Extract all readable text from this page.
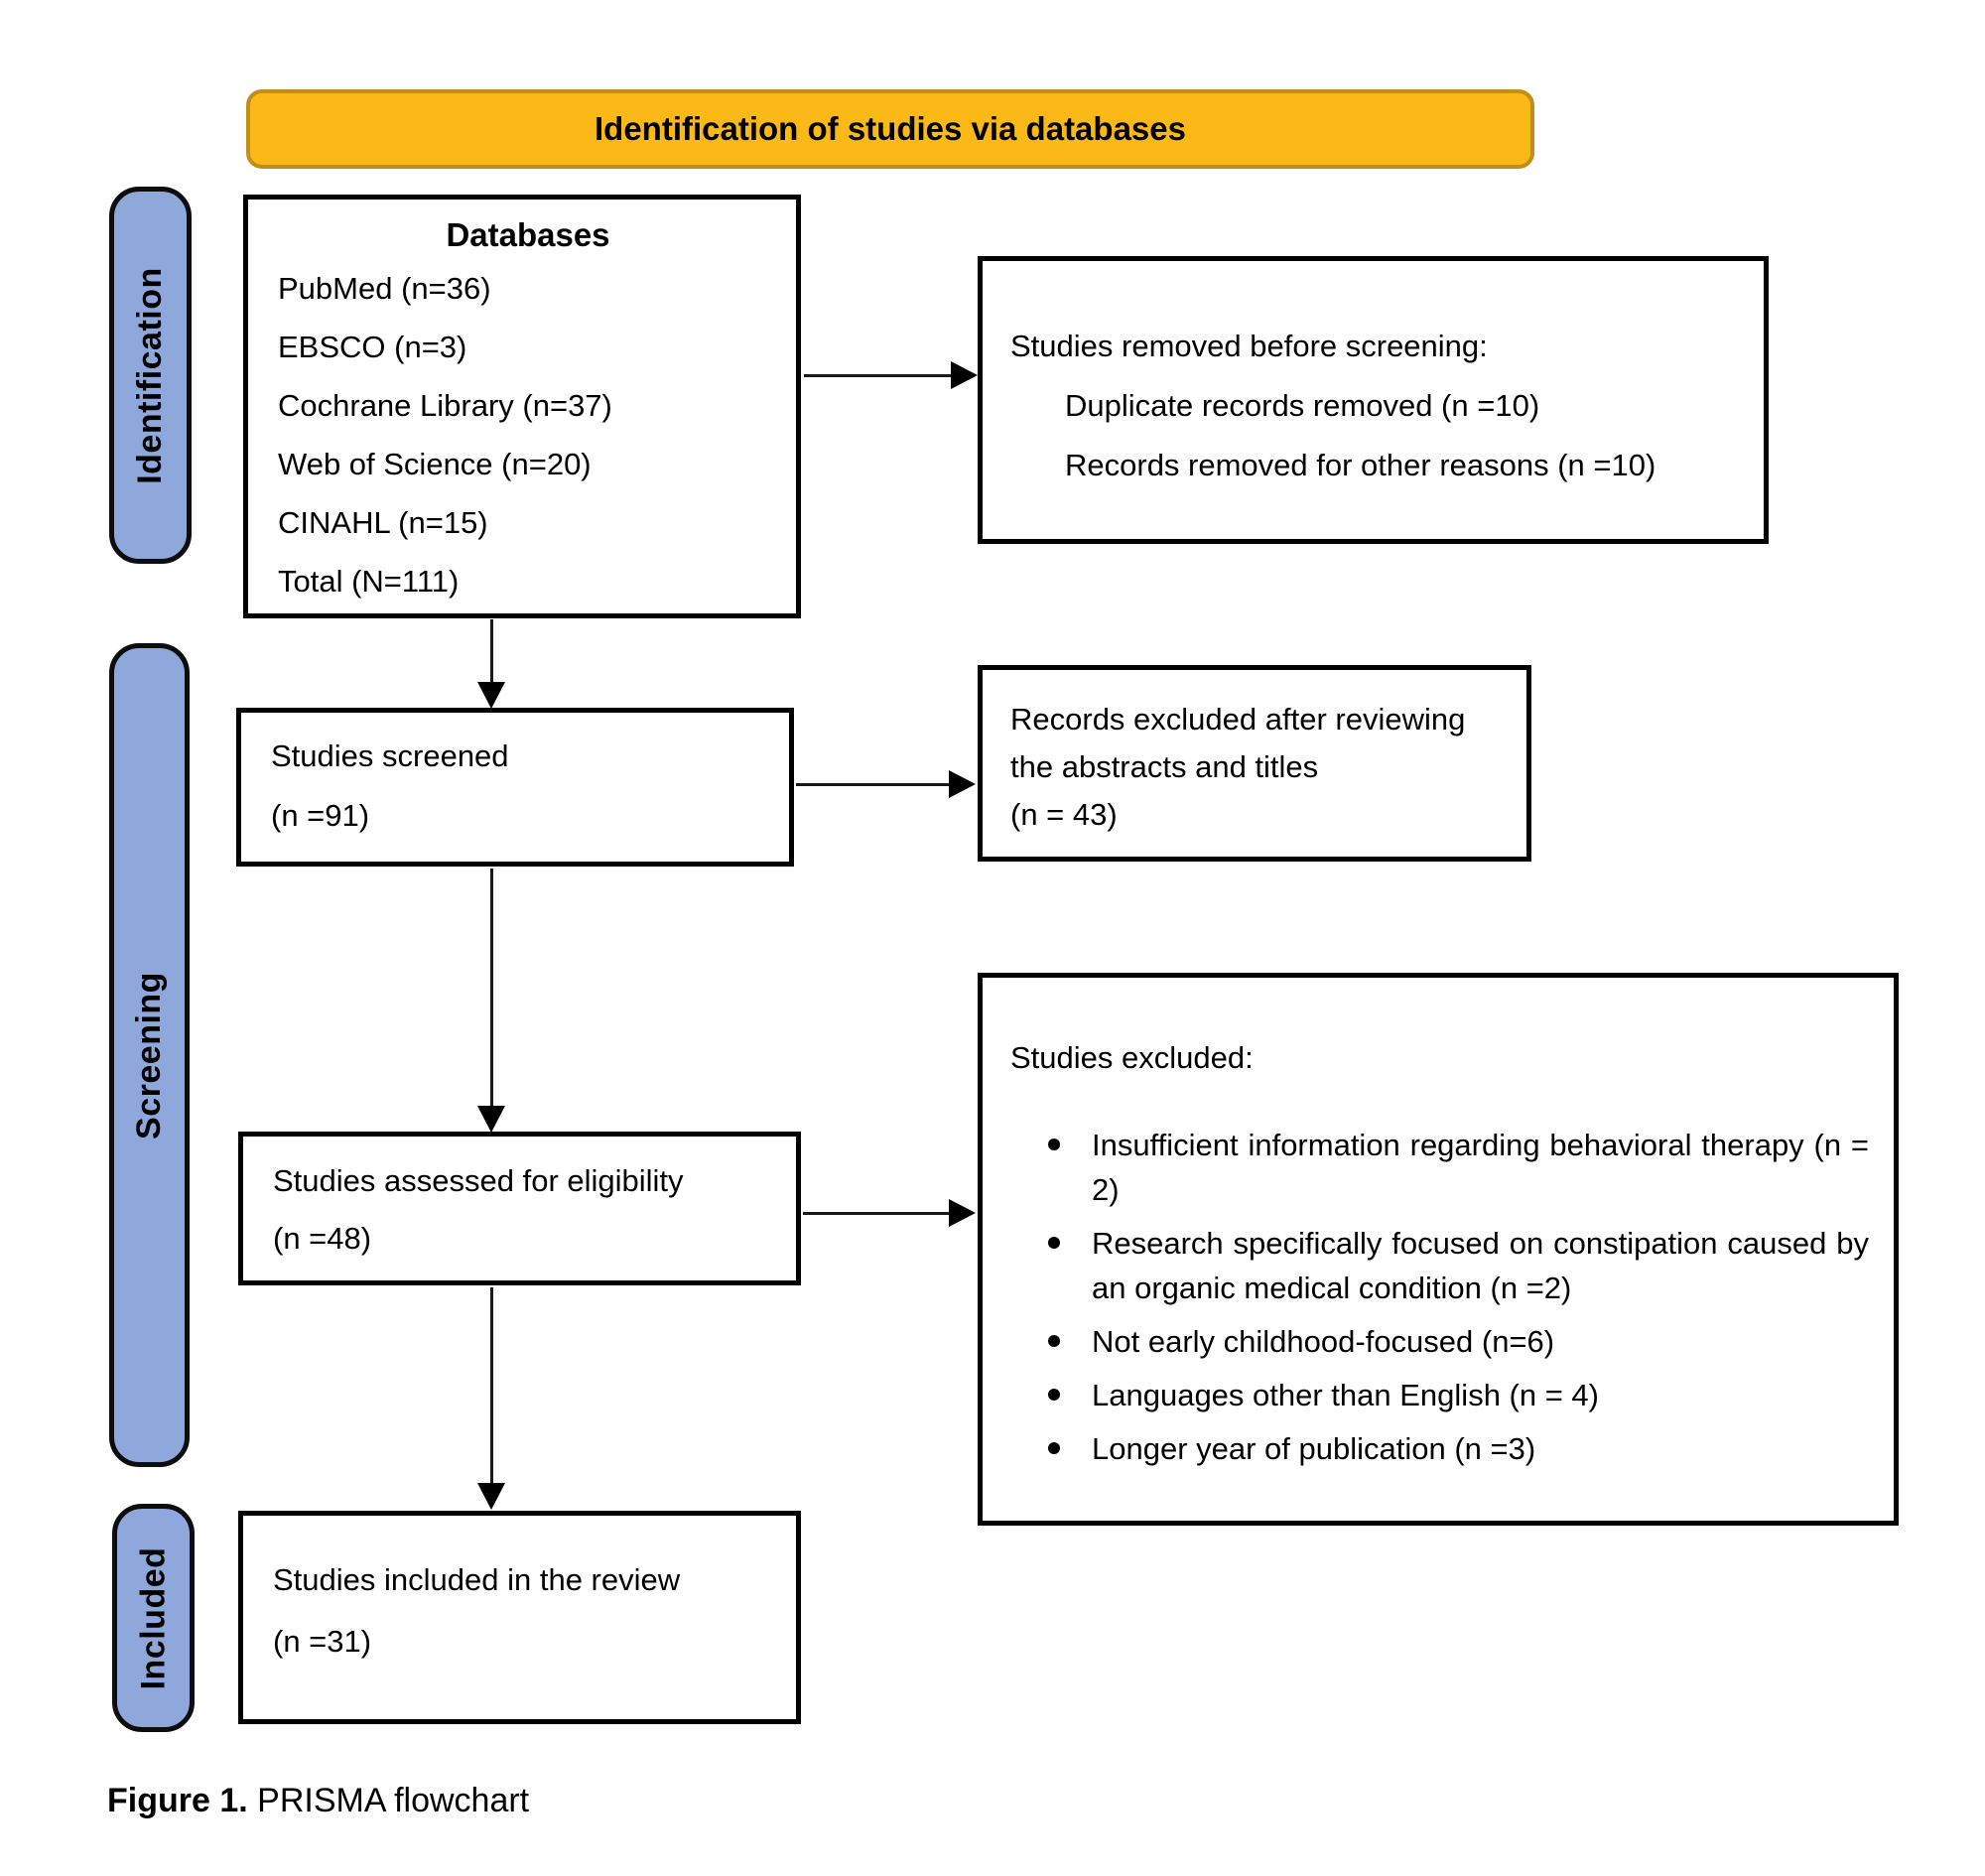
Identification of studies via databases
Identification
Screening
Included
Databases
PubMed (n=36)
EBSCO (n=3)
Cochrane Library (n=37)
Web of Science (n=20)
CINAHL (n=15)
Total (N=111)
Studies removed before screening:
Duplicate records removed (n =10)
Records removed for other reasons (n =10)
Studies screened
(n =91)
Records excluded after reviewing
the abstracts and titles
(n = 43)
Studies assessed for eligibility
(n =48)
Studies excluded:
Insufficient information regarding behavioral therapy (n = 2)
Research specifically focused on constipation caused by an organic medical condition (n =2)
Not early childhood-focused (n=6)
Languages other than English (n = 4)
Longer year of publication (n =3)
Studies included in the review
(n =31)
Figure 1. PRISMA flowchart
